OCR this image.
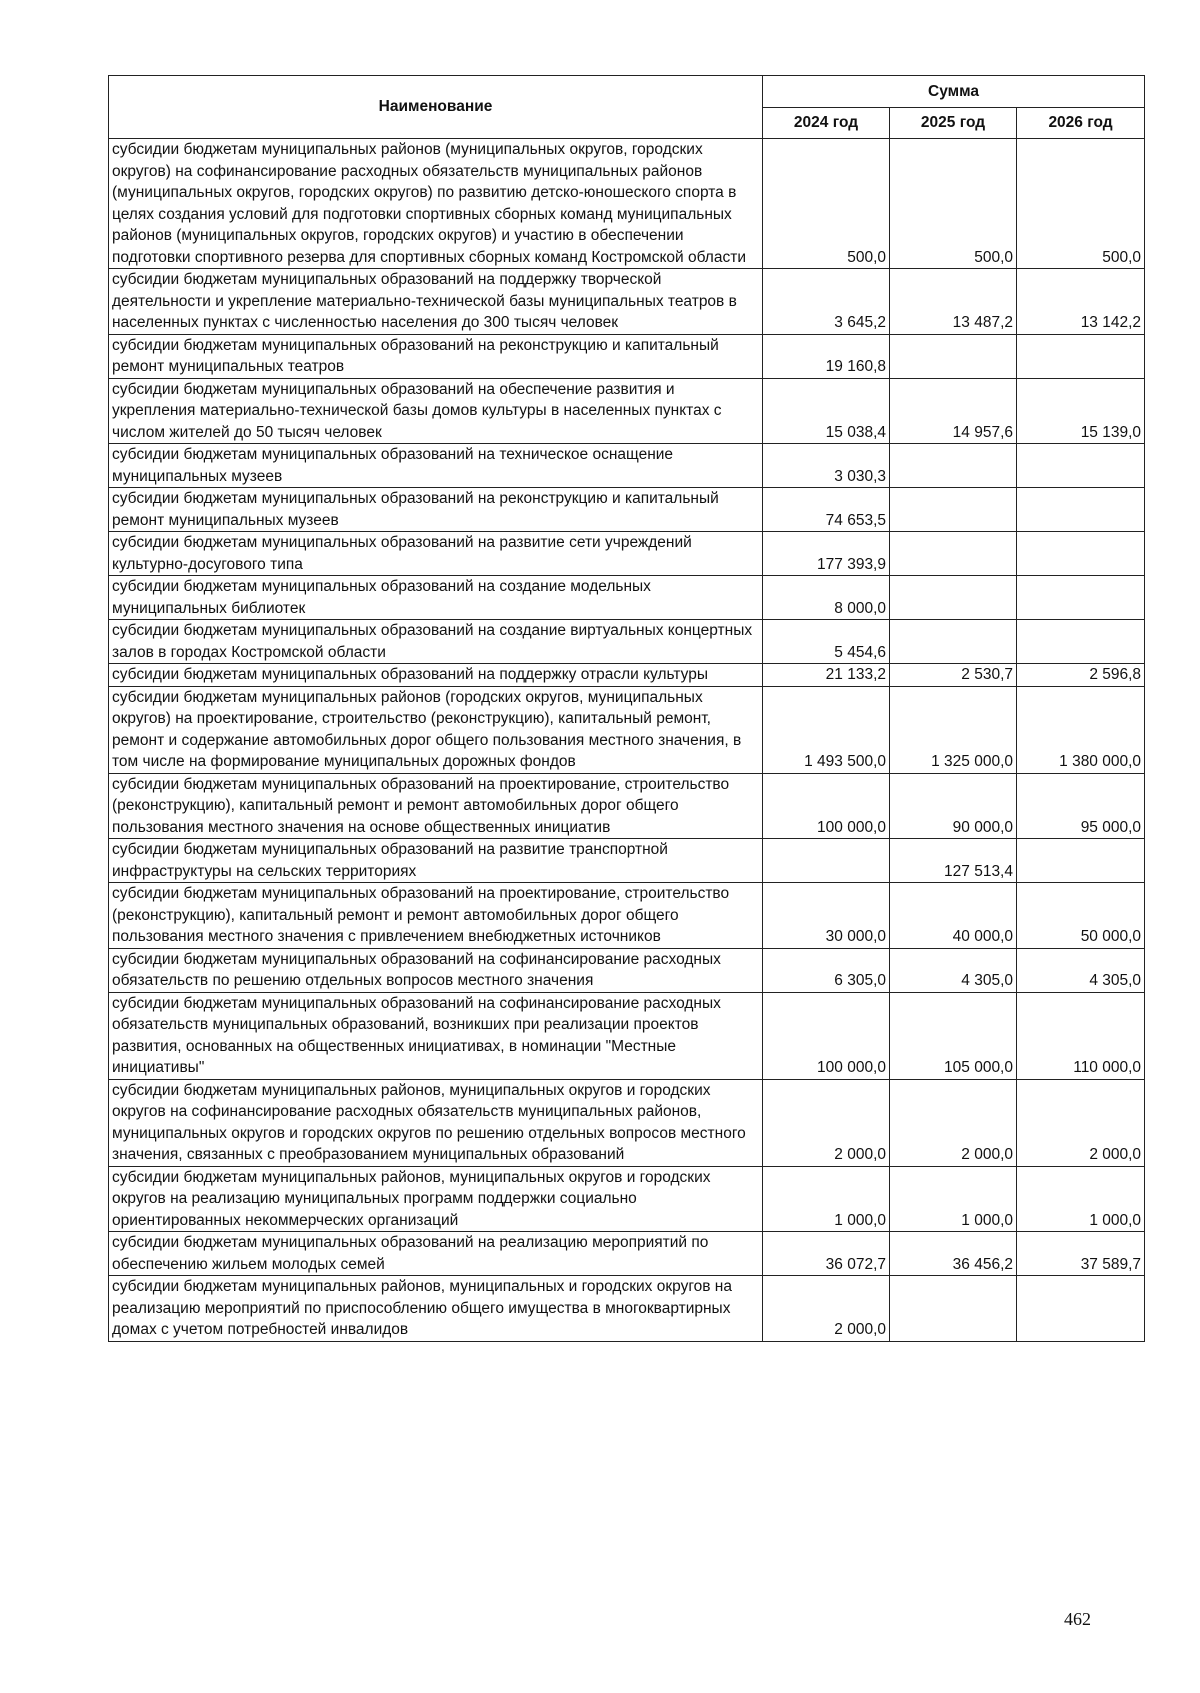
Наименование	Сумма		
	2024 год	2025 год	2026 год
субсидии бюджетам муниципальных районов (муниципальных округов, городских округов) на софинансирование расходных обязательств муниципальных районов (муниципальных округов, городских округов) по развитию детско-юношеского спорта в целях создания условий для подготовки спортивных сборных команд муниципальных районов (муниципальных округов, городских округов) и участию в обеспечении подготовки спортивного резерва для спортивных сборных команд Костромской области	500,0	500,0	500,0
субсидии бюджетам муниципальных образований на поддержку творческой деятельности и укрепление материально-технической базы муниципальных театров в населенных пунктах с численностью населения до 300 тысяч человек	3 645,2	13 487,2	13 142,2
субсидии бюджетам муниципальных образований на реконструкцию и капитальный ремонт муниципальных театров	19 160,8		
субсидии бюджетам муниципальных образований на обеспечение развития и укрепления материально-технической базы домов культуры в населенных пунктах с числом жителей до 50 тысяч человек	15 038,4	14 957,6	15 139,0
субсидии бюджетам муниципальных образований на техническое оснащение муниципальных музеев	3 030,3		
субсидии бюджетам муниципальных образований на реконструкцию и капитальный ремонт муниципальных музеев	74 653,5		
субсидии бюджетам муниципальных образований на развитие сети учреждений культурно-досугового типа	177 393,9		
субсидии бюджетам муниципальных образований на создание модельных муниципальных библиотек	8 000,0		
субсидии бюджетам муниципальных образований на создание виртуальных концертных залов в городах Костромской области	5 454,6		
субсидии бюджетам муниципальных образований на поддержку отрасли культуры	21 133,2	2 530,7	2 596,8
субсидии бюджетам муниципальных районов (городских округов, муниципальных округов) на проектирование, строительство (реконструкцию), капитальный ремонт, ремонт и содержание автомобильных дорог общего пользования местного значения, в том числе на формирование муниципальных дорожных фондов	1 493 500,0	1 325 000,0	1 380 000,0
субсидии бюджетам муниципальных образований на проектирование, строительство (реконструкцию), капитальный ремонт и ремонт автомобильных дорог общего пользования местного значения на основе общественных инициатив	100 000,0	90 000,0	95 000,0
субсидии бюджетам муниципальных образований на развитие транспортной инфраструктуры на сельских территориях		127 513,4	
субсидии бюджетам муниципальных образований на проектирование, строительство (реконструкцию), капитальный ремонт и ремонт автомобильных дорог общего пользования местного значения с привлечением внебюджетных источников	30 000,0	40 000,0	50 000,0
субсидии бюджетам муниципальных образований на софинансирование расходных обязательств по решению отдельных вопросов местного значения	6 305,0	4 305,0	4 305,0
субсидии бюджетам муниципальных образований на софинансирование расходных обязательств муниципальных образований, возникших при реализации проектов развития, основанных на общественных инициативах, в номинации "Местные инициативы"	100 000,0	105 000,0	110 000,0
субсидии бюджетам муниципальных районов, муниципальных округов и городских округов на софинансирование расходных обязательств муниципальных районов, муниципальных округов и городских округов по решению отдельных вопросов местного значения, связанных с преобразованием муниципальных образований	2 000,0	2 000,0	2 000,0
субсидии бюджетам муниципальных районов, муниципальных округов и городских округов на реализацию муниципальных программ поддержки социально ориентированных некоммерческих организаций	1 000,0	1 000,0	1 000,0
субсидии бюджетам муниципальных образований на реализацию мероприятий по обеспечению жильем молодых семей	36 072,7	36 456,2	37 589,7
субсидии бюджетам муниципальных районов, муниципальных и городских округов на реализацию мероприятий по приспособлению общего имущества в многоквартирных домах с учетом потребностей инвалидов	2 000,0		
462
